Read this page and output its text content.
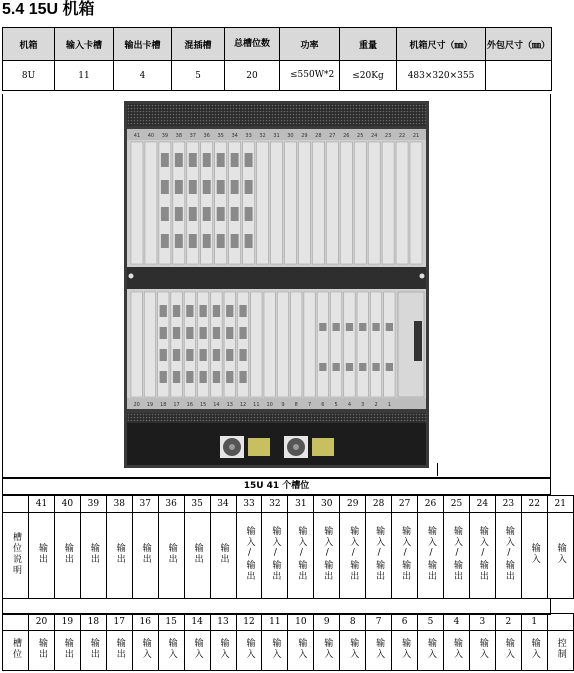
5.4 15U 机箱
机箱	输入卡槽	输出卡槽	混插槽	总槽位数	功率	重量	机箱尺寸（㎜）	外包尺寸（㎜）
8U	11	4	5	20	≤550W*2	≤20Kg	483×320×355	
41 40 39 38 37 36 35 34 33 32 31 30 29 28 27 26 25 24 23 22 21
20 19 18 17 16 15 14 13 12 11 10 9 8 7 6 5 4 3 2 1
15U 41 个槽位
	41	40	39	38	37	36	35	34	33	32	31	30	29	28	27	26	25	24	23	22	21
槽位说明	输出	输出	输出	输出	输出	输出	输出	输出	输入/输出	输入/输出	输入/输出	输入/输出	输入/输出	输入/输出	输入/输出	输入/输出	输入/输出	输入/输出	输入/输出	输入	输入
	20	19	18	17	16	15	14	13	12	11	10	9	8	7	6	5	4	3	2	1	
槽位	输出	输出	输出	输出	输入	输入	输入	输入	输入	输入	输入	输入	输入	输入	输入	输入	输入	输入	输入	输入	控制
